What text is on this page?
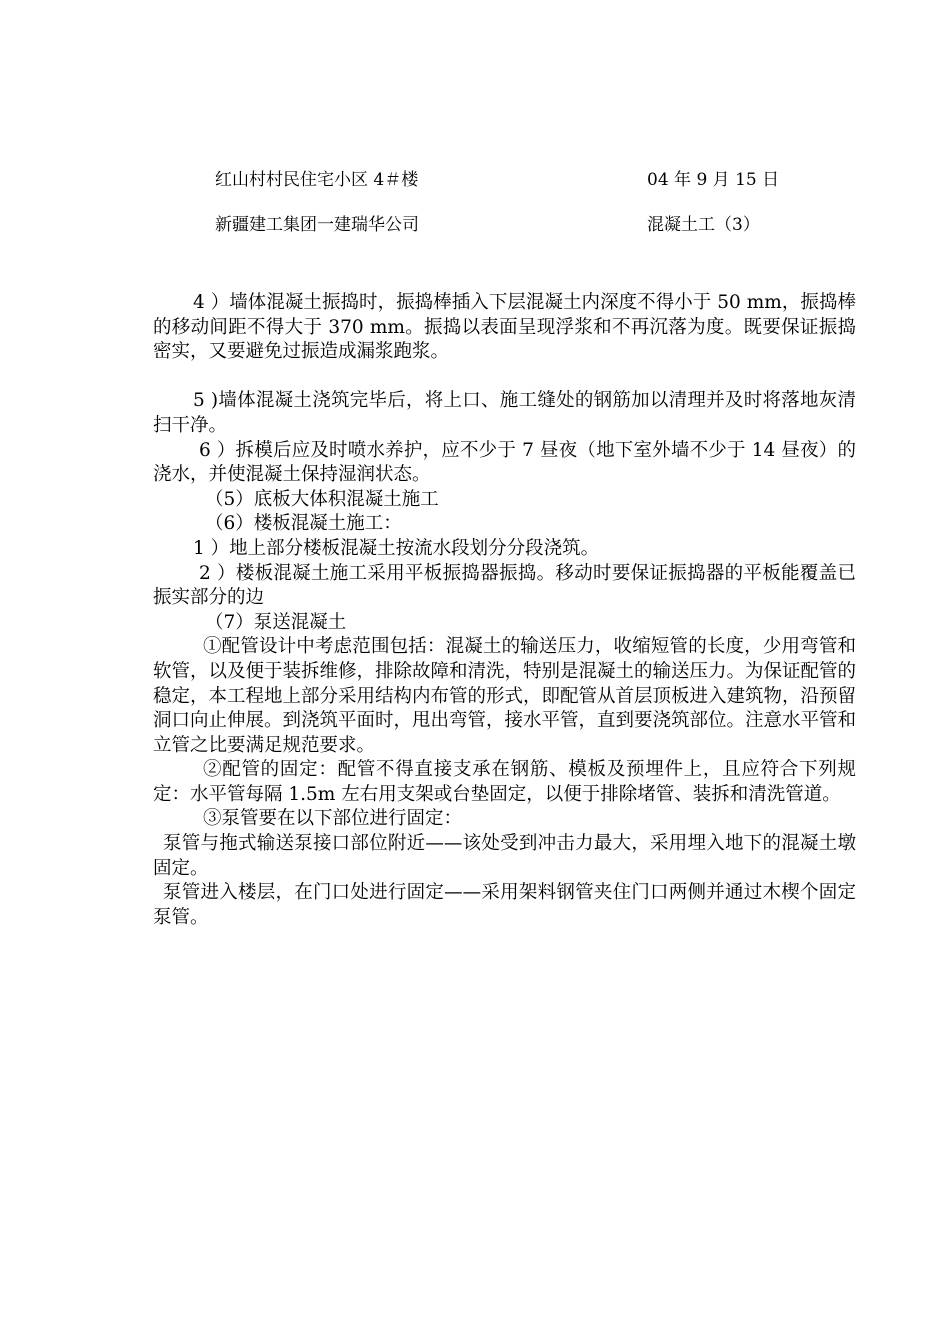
红山村村民住宅小区 4＃楼	04 年 9 月 15 日
新疆建工集团一建瑞华公司	混凝土工（3）

4 ）墙体混凝土振捣时，振捣棒插入下层混凝土内深度不得小于 50 mm，振捣棒的移动间距不得大于 370 mm。振捣以表面呈现浮浆和不再沉落为度。既要保证振捣密实，又要避免过振造成漏浆跑浆。

5 )墙体混凝土浇筑完毕后，将上口、施工缝处的钢筋加以清理并及时将落地灰清扫干净。

6 ）拆模后应及时喷水养护，应不少于 7 昼夜（地下室外墙不少于 14 昼夜）的浇水，并使混凝土保持湿润状态。

（5）底板大体积混凝土施工

（6）楼板混凝土施工：

1 ）地上部分楼板混凝土按流水段划分分段浇筑。

2 ）楼板混凝土施工采用平板振捣器振捣。移动时要保证振捣器的平板能覆盖已振实部分的边

（7）泵送混凝土

①配管设计中考虑范围包括：混凝土的输送压力，收缩短管的长度，少用弯管和软管，以及便于装拆维修，排除故障和清洗，特别是混凝土的输送压力。为保证配管的稳定，本工程地上部分采用结构内布管的形式，即配管从首层顶板进入建筑物，沿预留洞口向止伸展。到浇筑平面时，甩出弯管，接水平管，直到要浇筑部位。注意水平管和立管之比要满足规范要求。

②配管的固定：配管不得直接支承在钢筋、模板及预埋件上，且应符合下列规定：水平管每隔 1.5m 左右用支架或台垫固定，以便于排除堵管、装拆和清洗管道。

③泵管要在以下部位进行固定：

泵管与拖式输送泵接口部位附近——该处受到冲击力最大，采用埋入地下的混凝土墩固定。

泵管进入楼层，在门口处进行固定——采用架料钢管夹住门口两侧并通过木楔个固定泵管。
